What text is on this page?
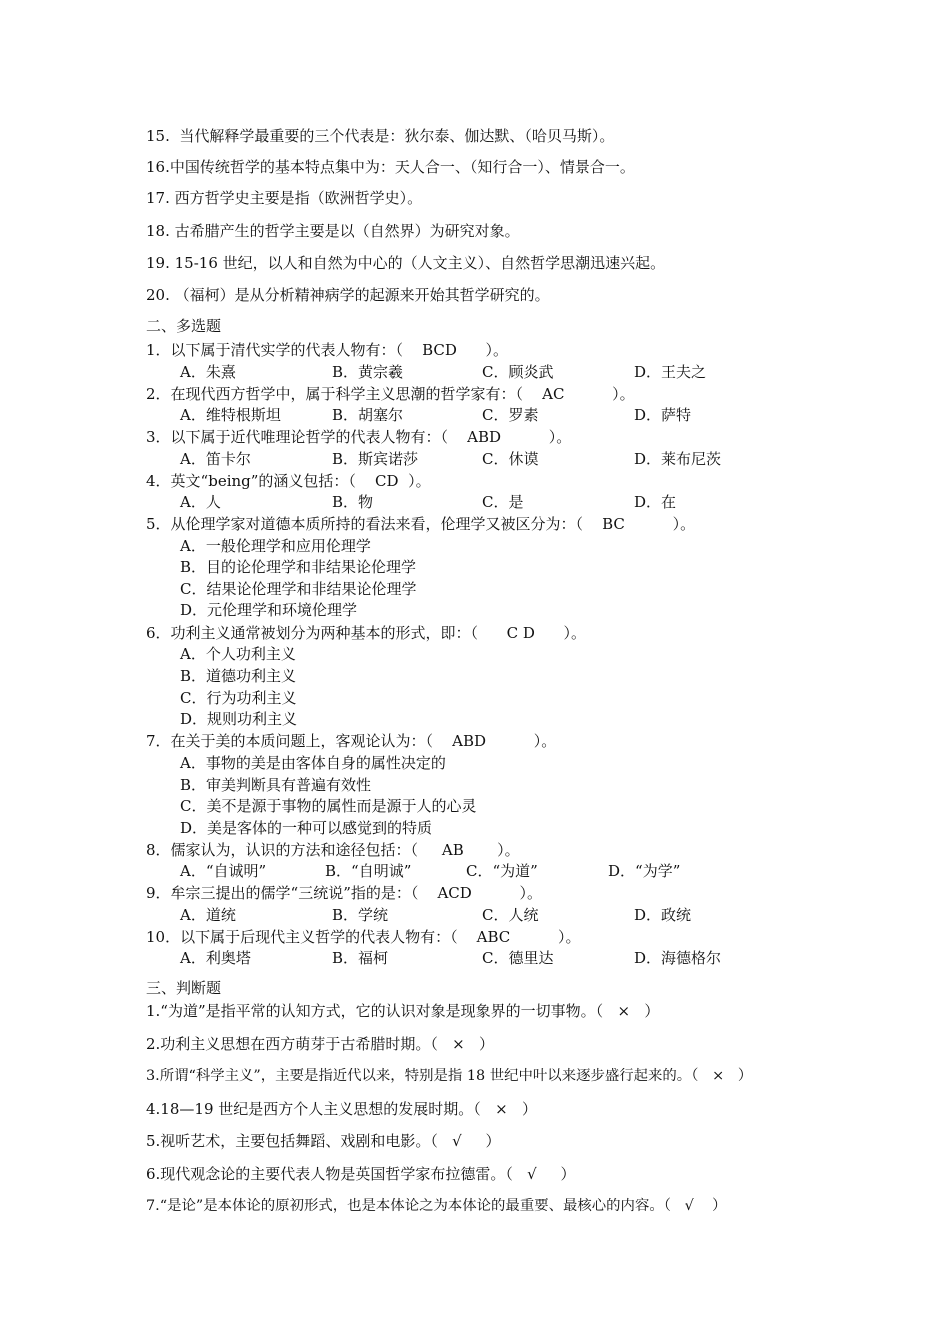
15.  当代解释学最重要的三个代表是：狄尔泰、伽达默、（哈贝马斯）。
16.中国传统哲学的基本特点集中为：天人合一、（知行合一）、情景合一。
17. 西方哲学史主要是指（欧洲哲学史）。
18. 古希腊产生的哲学主要是以（自然界）为研究对象。
19. 15-16 世纪，以人和自然为中心的（人文主义）、自然哲学思潮迅速兴起。
20. （福柯）是从分析精神病学的起源来开始其哲学研究的。
二、多选题
1．以下属于清代实学的代表人物有：（ BCD ）。
A．朱熹	B．黄宗羲	C．顾炎武	D．王夫之
2．在现代西方哲学中，属于科学主义思潮的哲学家有：（ AC	）。
A．维特根斯坦	B．胡塞尔	C．罗素	D．萨特
3．以下属于近代唯理论哲学的代表人物有：（ ABD	）。
A．笛卡尔	B．斯宾诺莎	C．休谟	D．莱布尼茨
4．英文“being”的涵义包括：（ CD ）。
A．人	B．物	C．是	D．在
5．从伦理学家对道德本质所持的看法来看，伦理学又被区分为：（ BC	）。
A．一般伦理学和应用伦理学
B．目的论伦理学和非结果论伦理学
C．结果论伦理学和非结果论伦理学
D．元伦理学和环境伦理学
6．功利主义通常被划分为两种基本的形式，即：（ C D ）。
A．个人功利主义
B．道德功利主义
C．行为功利主义
D．规则功利主义
7．在关于美的本质问题上，客观论认为：（ ABD	）。
A．事物的美是由客体自身的属性决定的
B．审美判断具有普遍有效性
C．美不是源于事物的属性而是源于人的心灵
D．美是客体的一种可以感觉到的特质
8．儒家认为，认识的方法和途径包括：（ AB ）。
A．“自诚明”	B．“自明诚”	C．“为道”	D．“为学”
9．牟宗三提出的儒学“三统说”指的是：（ ACD	）。
A．道统	B．学统	C．人统	D．政统
10．以下属于后现代主义哲学的代表人物有：（ ABC	）。
A．利奥塔	B．福柯	C．德里达	D．海德格尔
三、判断题
1.“为道”是指平常的认知方式，它的认识对象是现象界的一切事物。（ × ）
2.功利主义思想在西方萌芽于古希腊时期。（ × ）
3.所谓“科学主义”，主要是指近代以来，特别是指 18 世纪中叶以来逐步盛行起来的。（ × ）
4.18—19 世纪是西方个人主义思想的发展时期。（ × ）
5.视听艺术，主要包括舞蹈、戏剧和电影。（ √ ）
6.现代观念论的主要代表人物是英国哲学家布拉德雷。（ √ ）
7.“是论”是本体论的原初形式，也是本体论之为本体论的最重要、最核心的内容。（ √ ）
